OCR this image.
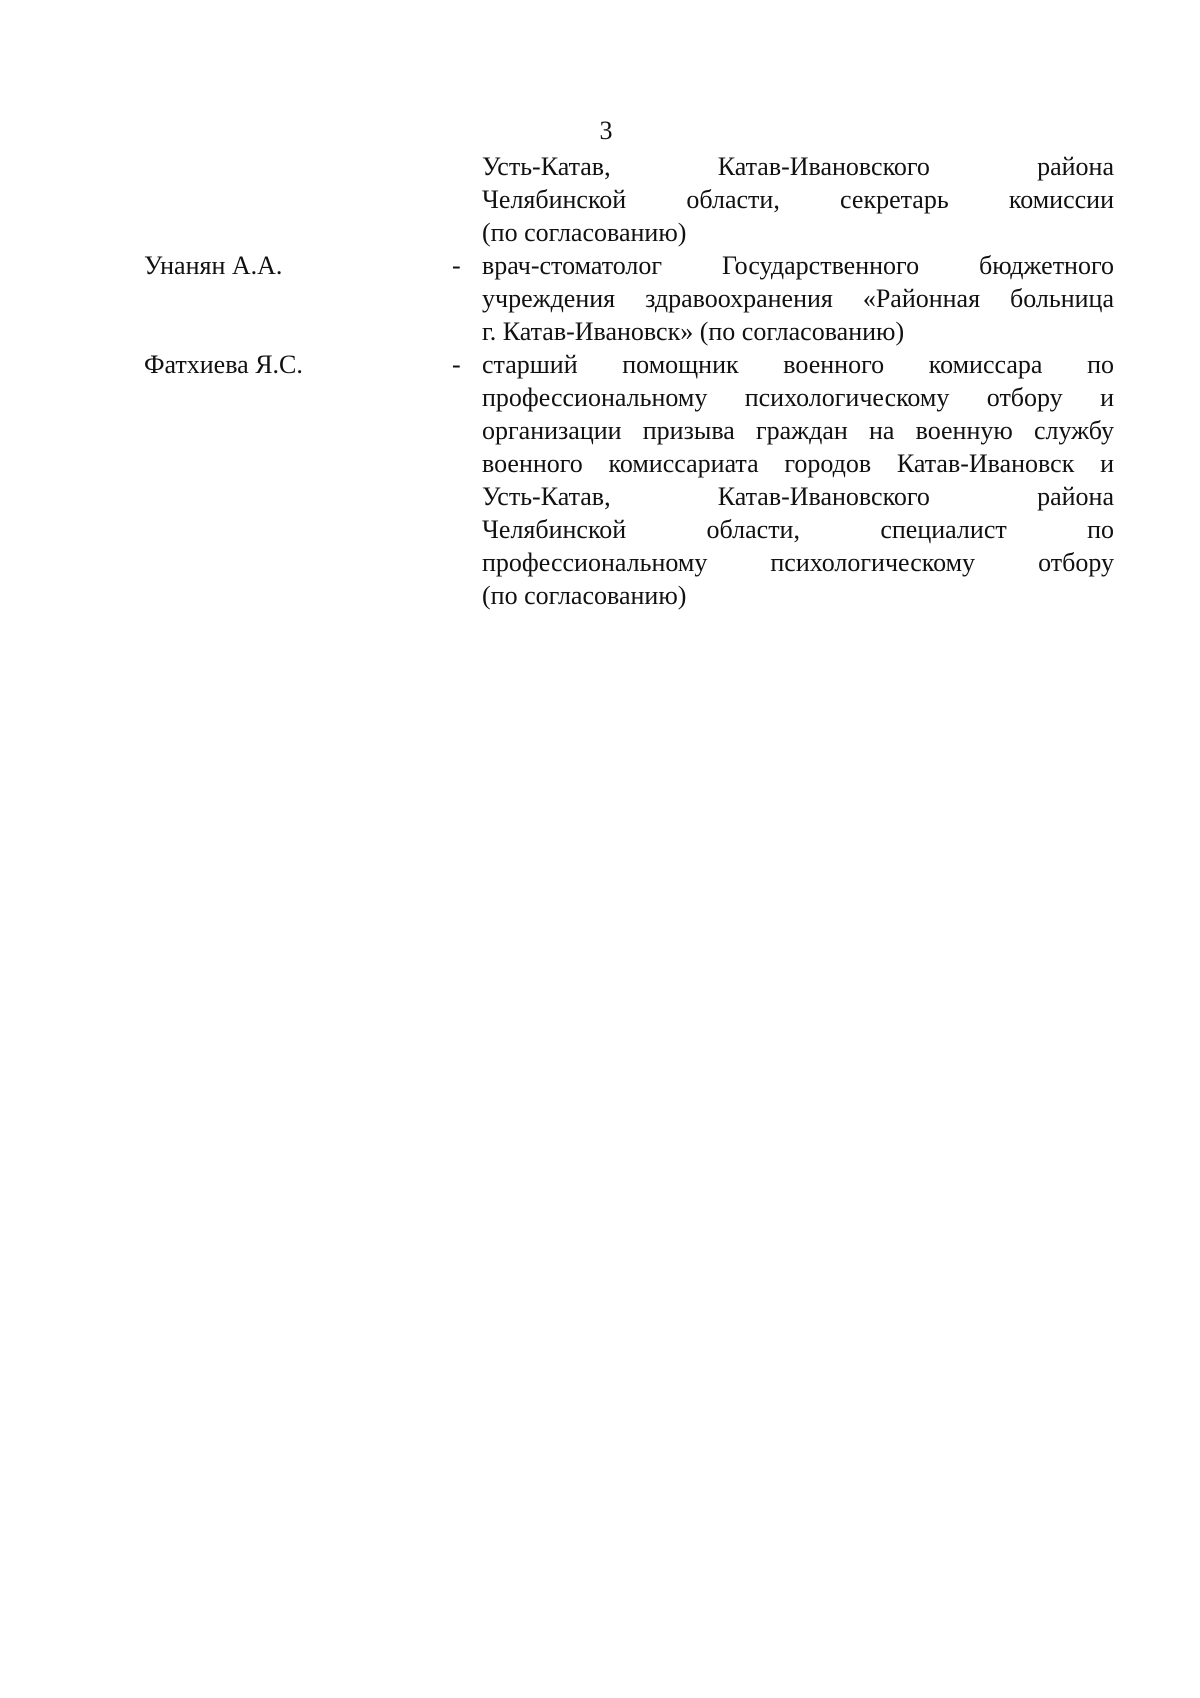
3
Усть-Катав, Катав-Ивановского района
Челябинской области, секретарь комиссии
(по согласованию)
Унанян А.А.	- врач-стоматолог Государственного бюджетного
учреждения здравоохранения «Районная больница
г. Катав-Ивановск» (по согласованию)
Фатхиева Я.С.	- старший помощник военного комиссара по
профессиональному психологическому отбору и
организации призыва граждан на военную службу
военного комиссариата городов Катав-Ивановск и
Усть-Катав, Катав-Ивановского района
Челябинской области, специалист по
профессиональному психологическому отбору
(по согласованию)
